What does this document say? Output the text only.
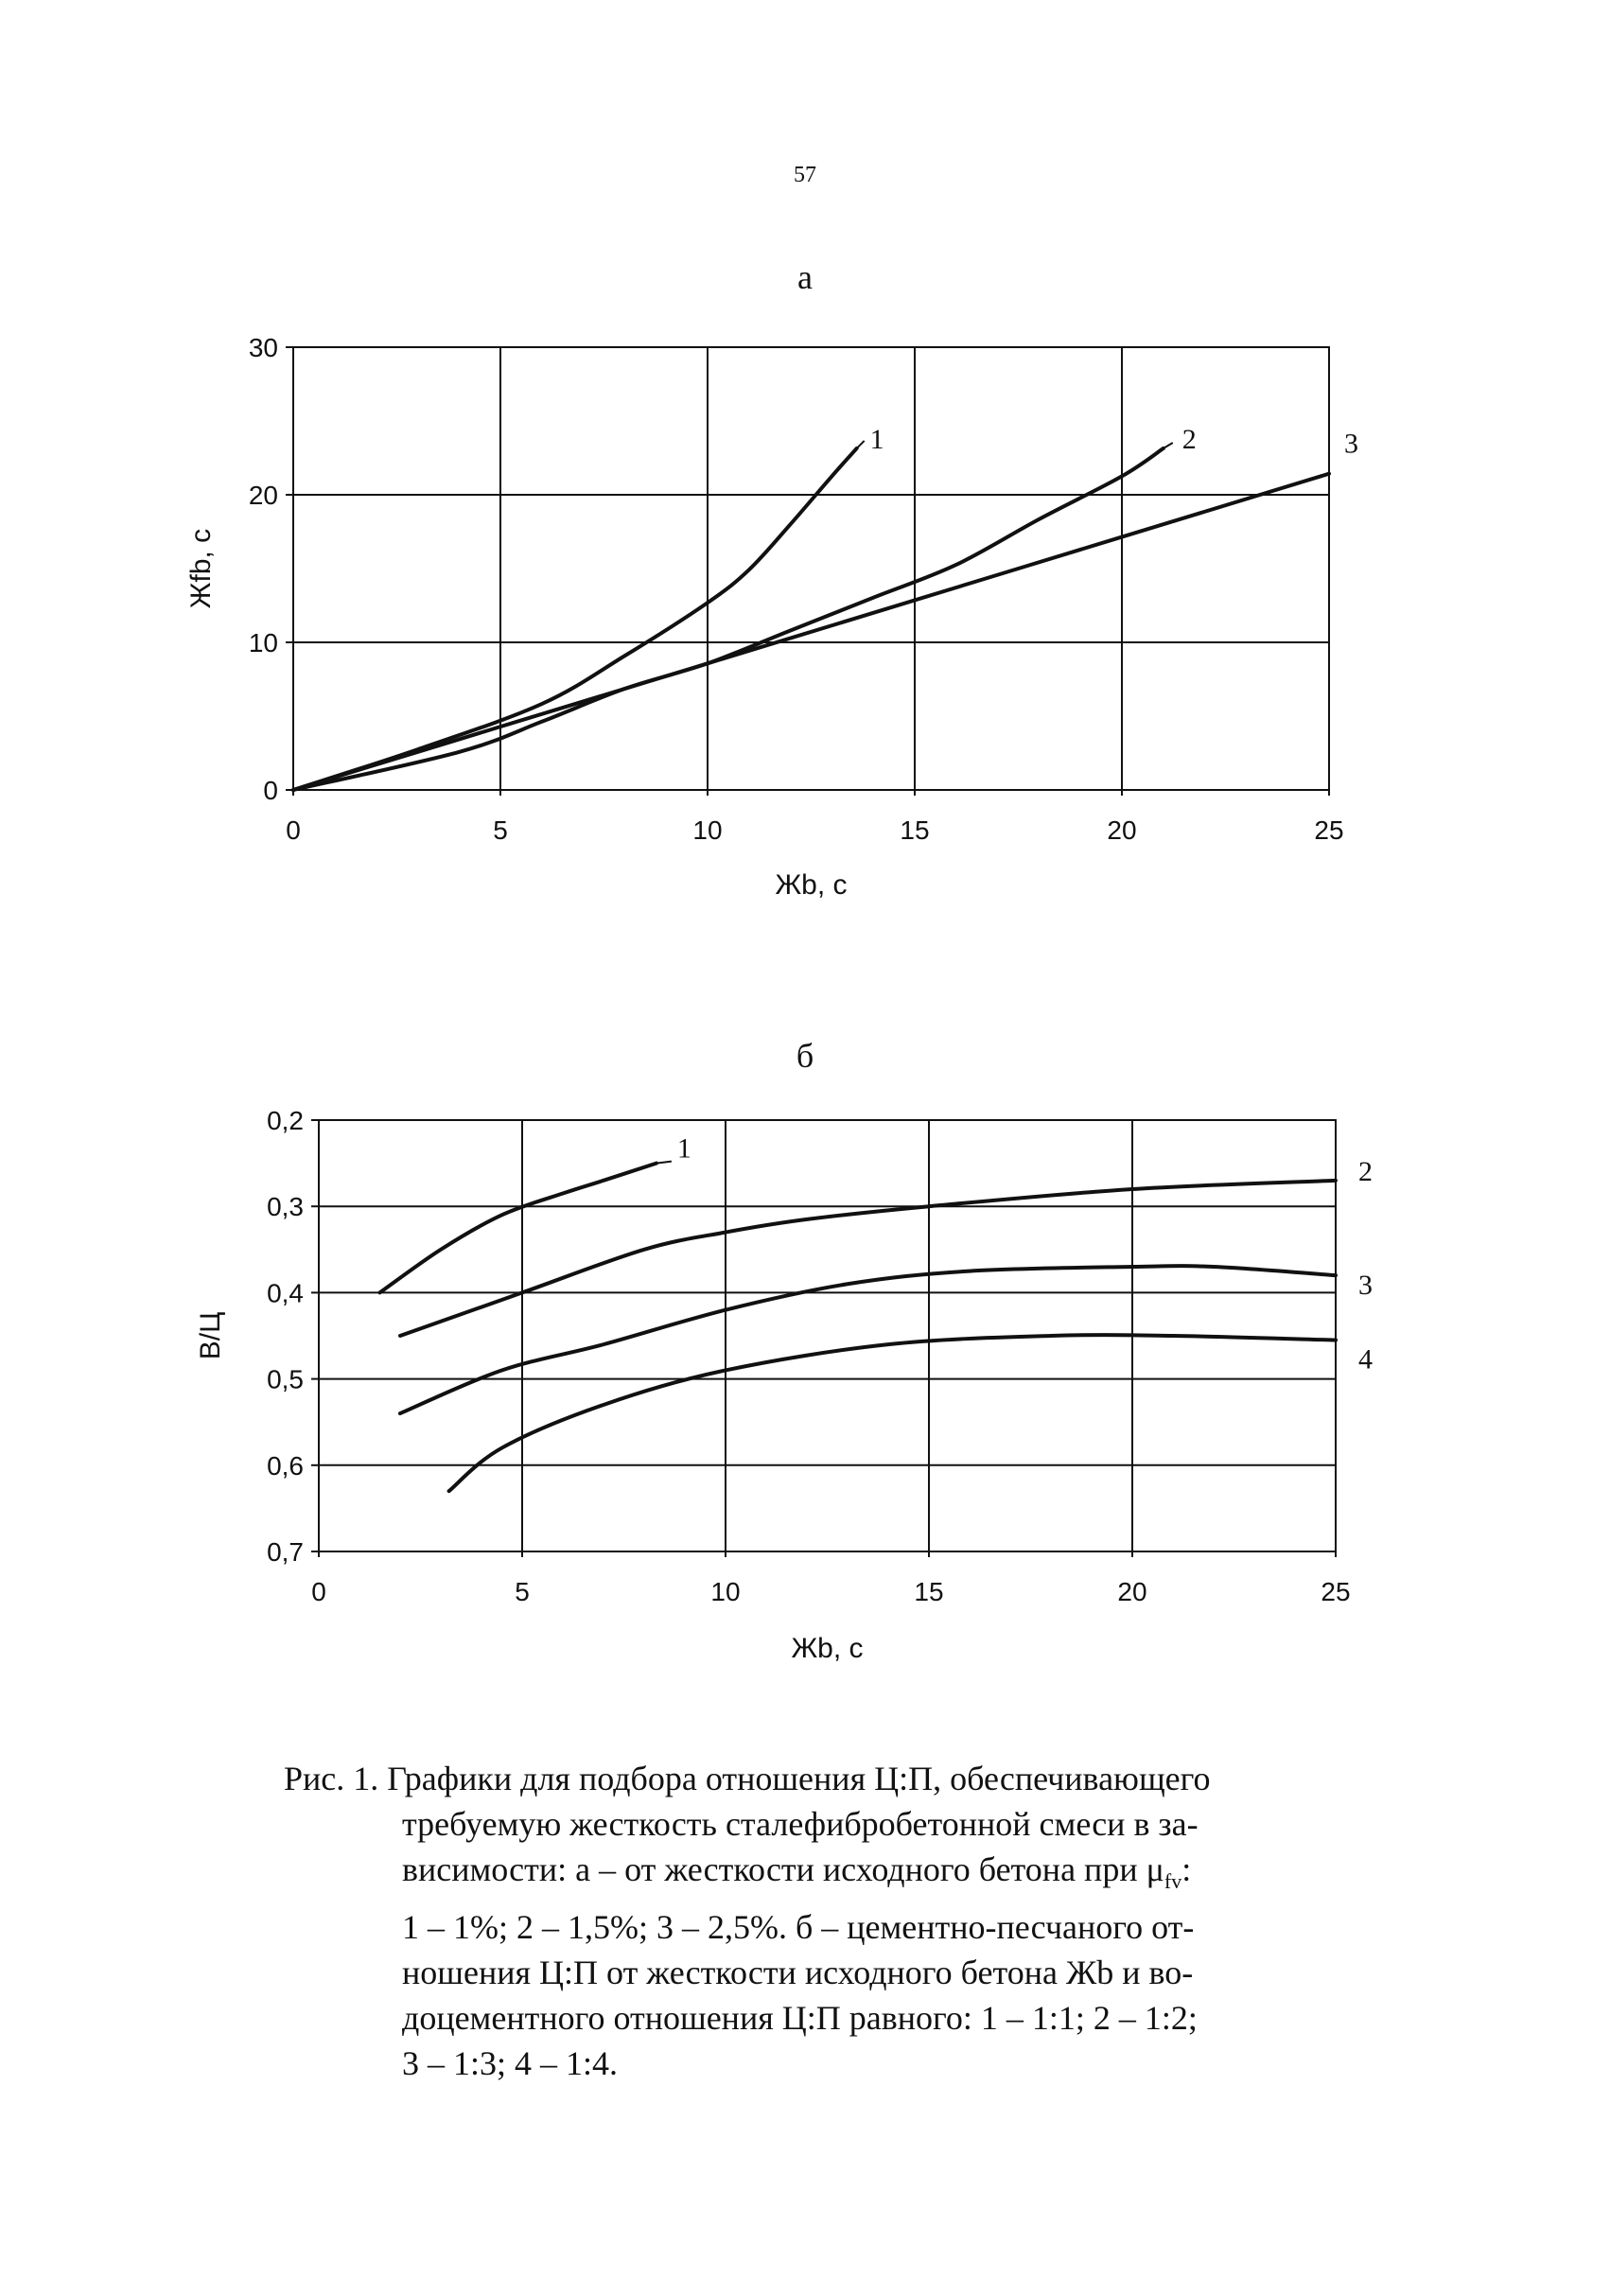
57
а
б
0	5	10	15	20	25
0
10
20
30
Жb, с
Жfb, с
1	2	3
0	5	10	15	20	25
0,2
0,3
0,4
0,5
0,6
0,7
Жb, с
В/Ц
1
2
3
4
Рис. 1. Графики для подбора отношения Ц:П, обеспечивающего
требуемую жесткость сталефибробетонной смеси в за-
висимости: а – от жесткости исходного бетона при $\mu_{fv}$:
1 – 1%; 2 – 1,5%; 3 – 2,5%. б – цементно-песчаного от-
ношения Ц:П от жесткости исходного бетона Жb и во-
доцементного отношения Ц:П равного: 1 – 1:1; 2 – 1:2;
3 – 1:3; 4 – 1:4.
